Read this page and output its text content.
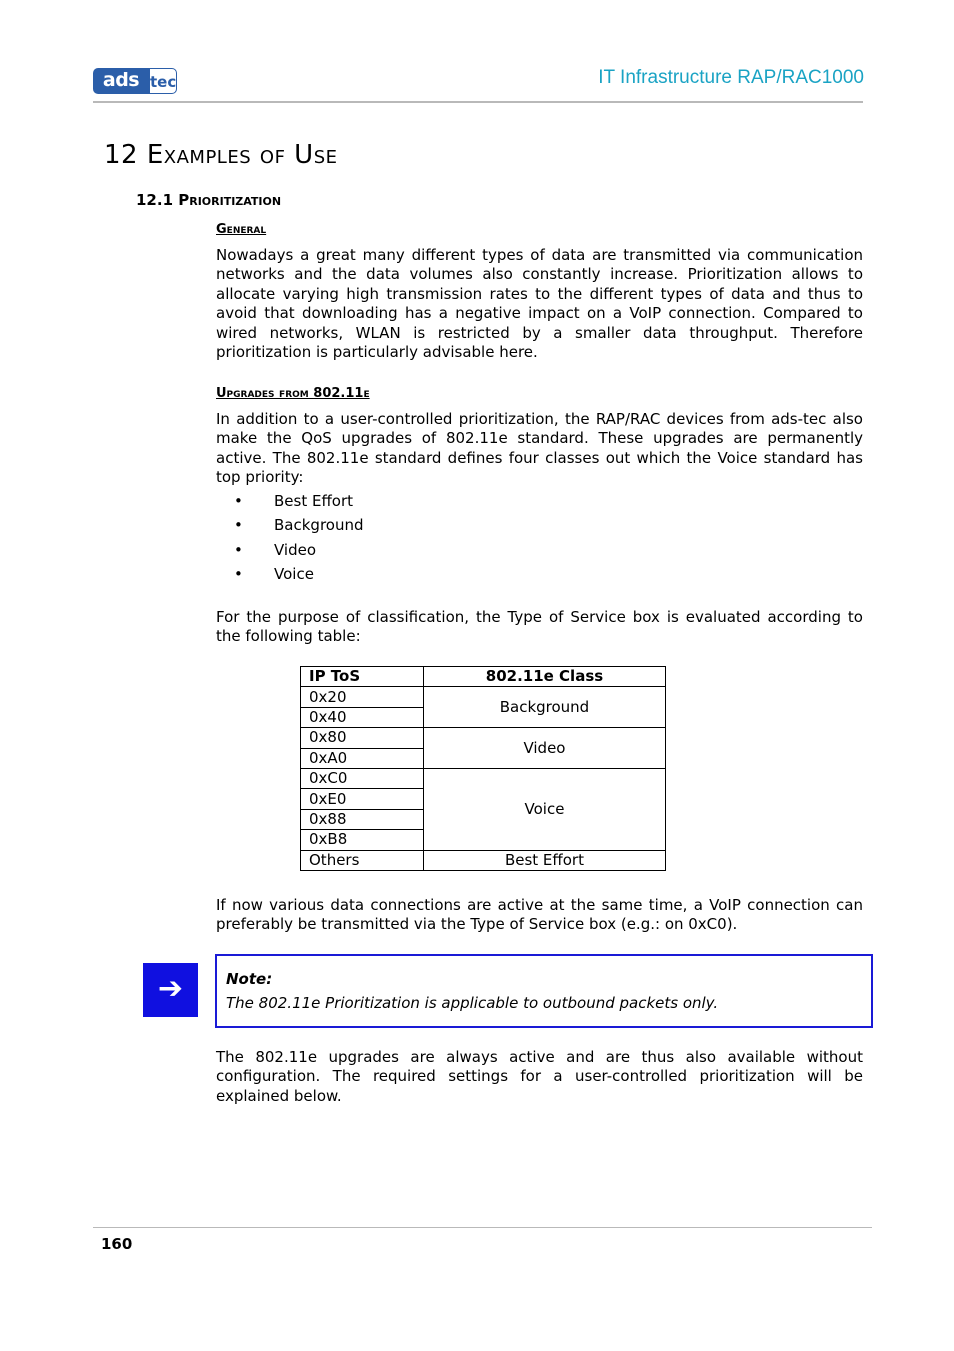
ads tec	IT Infrastructure RAP/RAC1000
12 Examples of Use
12.1 Prioritization
General
Nowadays a great many different types of data are transmitted via communication networks and the data volumes also constantly increase. Prioritization allows to allocate varying high transmission rates to the different types of data and thus to avoid that downloading has a negative impact on a VoIP connection. Compared to wired networks, WLAN is restricted by a smaller data throughput. Therefore prioritization is particularly advisable here.
Upgrades from 802.11e
In addition to a user-controlled prioritization, the RAP/RAC devices from ads-tec also make the QoS upgrades of 802.11e standard. These upgrades are permanently active. The 802.11e standard defines four classes out which the Voice standard has top priority:
• Best Effort
• Background
• Video
• Voice
For the purpose of classification, the Type of Service box is evaluated according to the following table:
IP ToS	802.11e Class
0x20	Background
0x40	
0x80	Video
0xA0	
0xC0	Voice
0xE0	
0x88	
0xB8	
Others	Best Effort
If now various data connections are active at the same time, a VoIP connection can preferably be transmitted via the Type of Service box (e.g.: on 0xC0).
➔	Note:
The 802.11e Prioritization is applicable to outbound packets only.
The 802.11e upgrades are always active and are thus also available without configuration. The required settings for a user-controlled prioritization will be explained below.
160
